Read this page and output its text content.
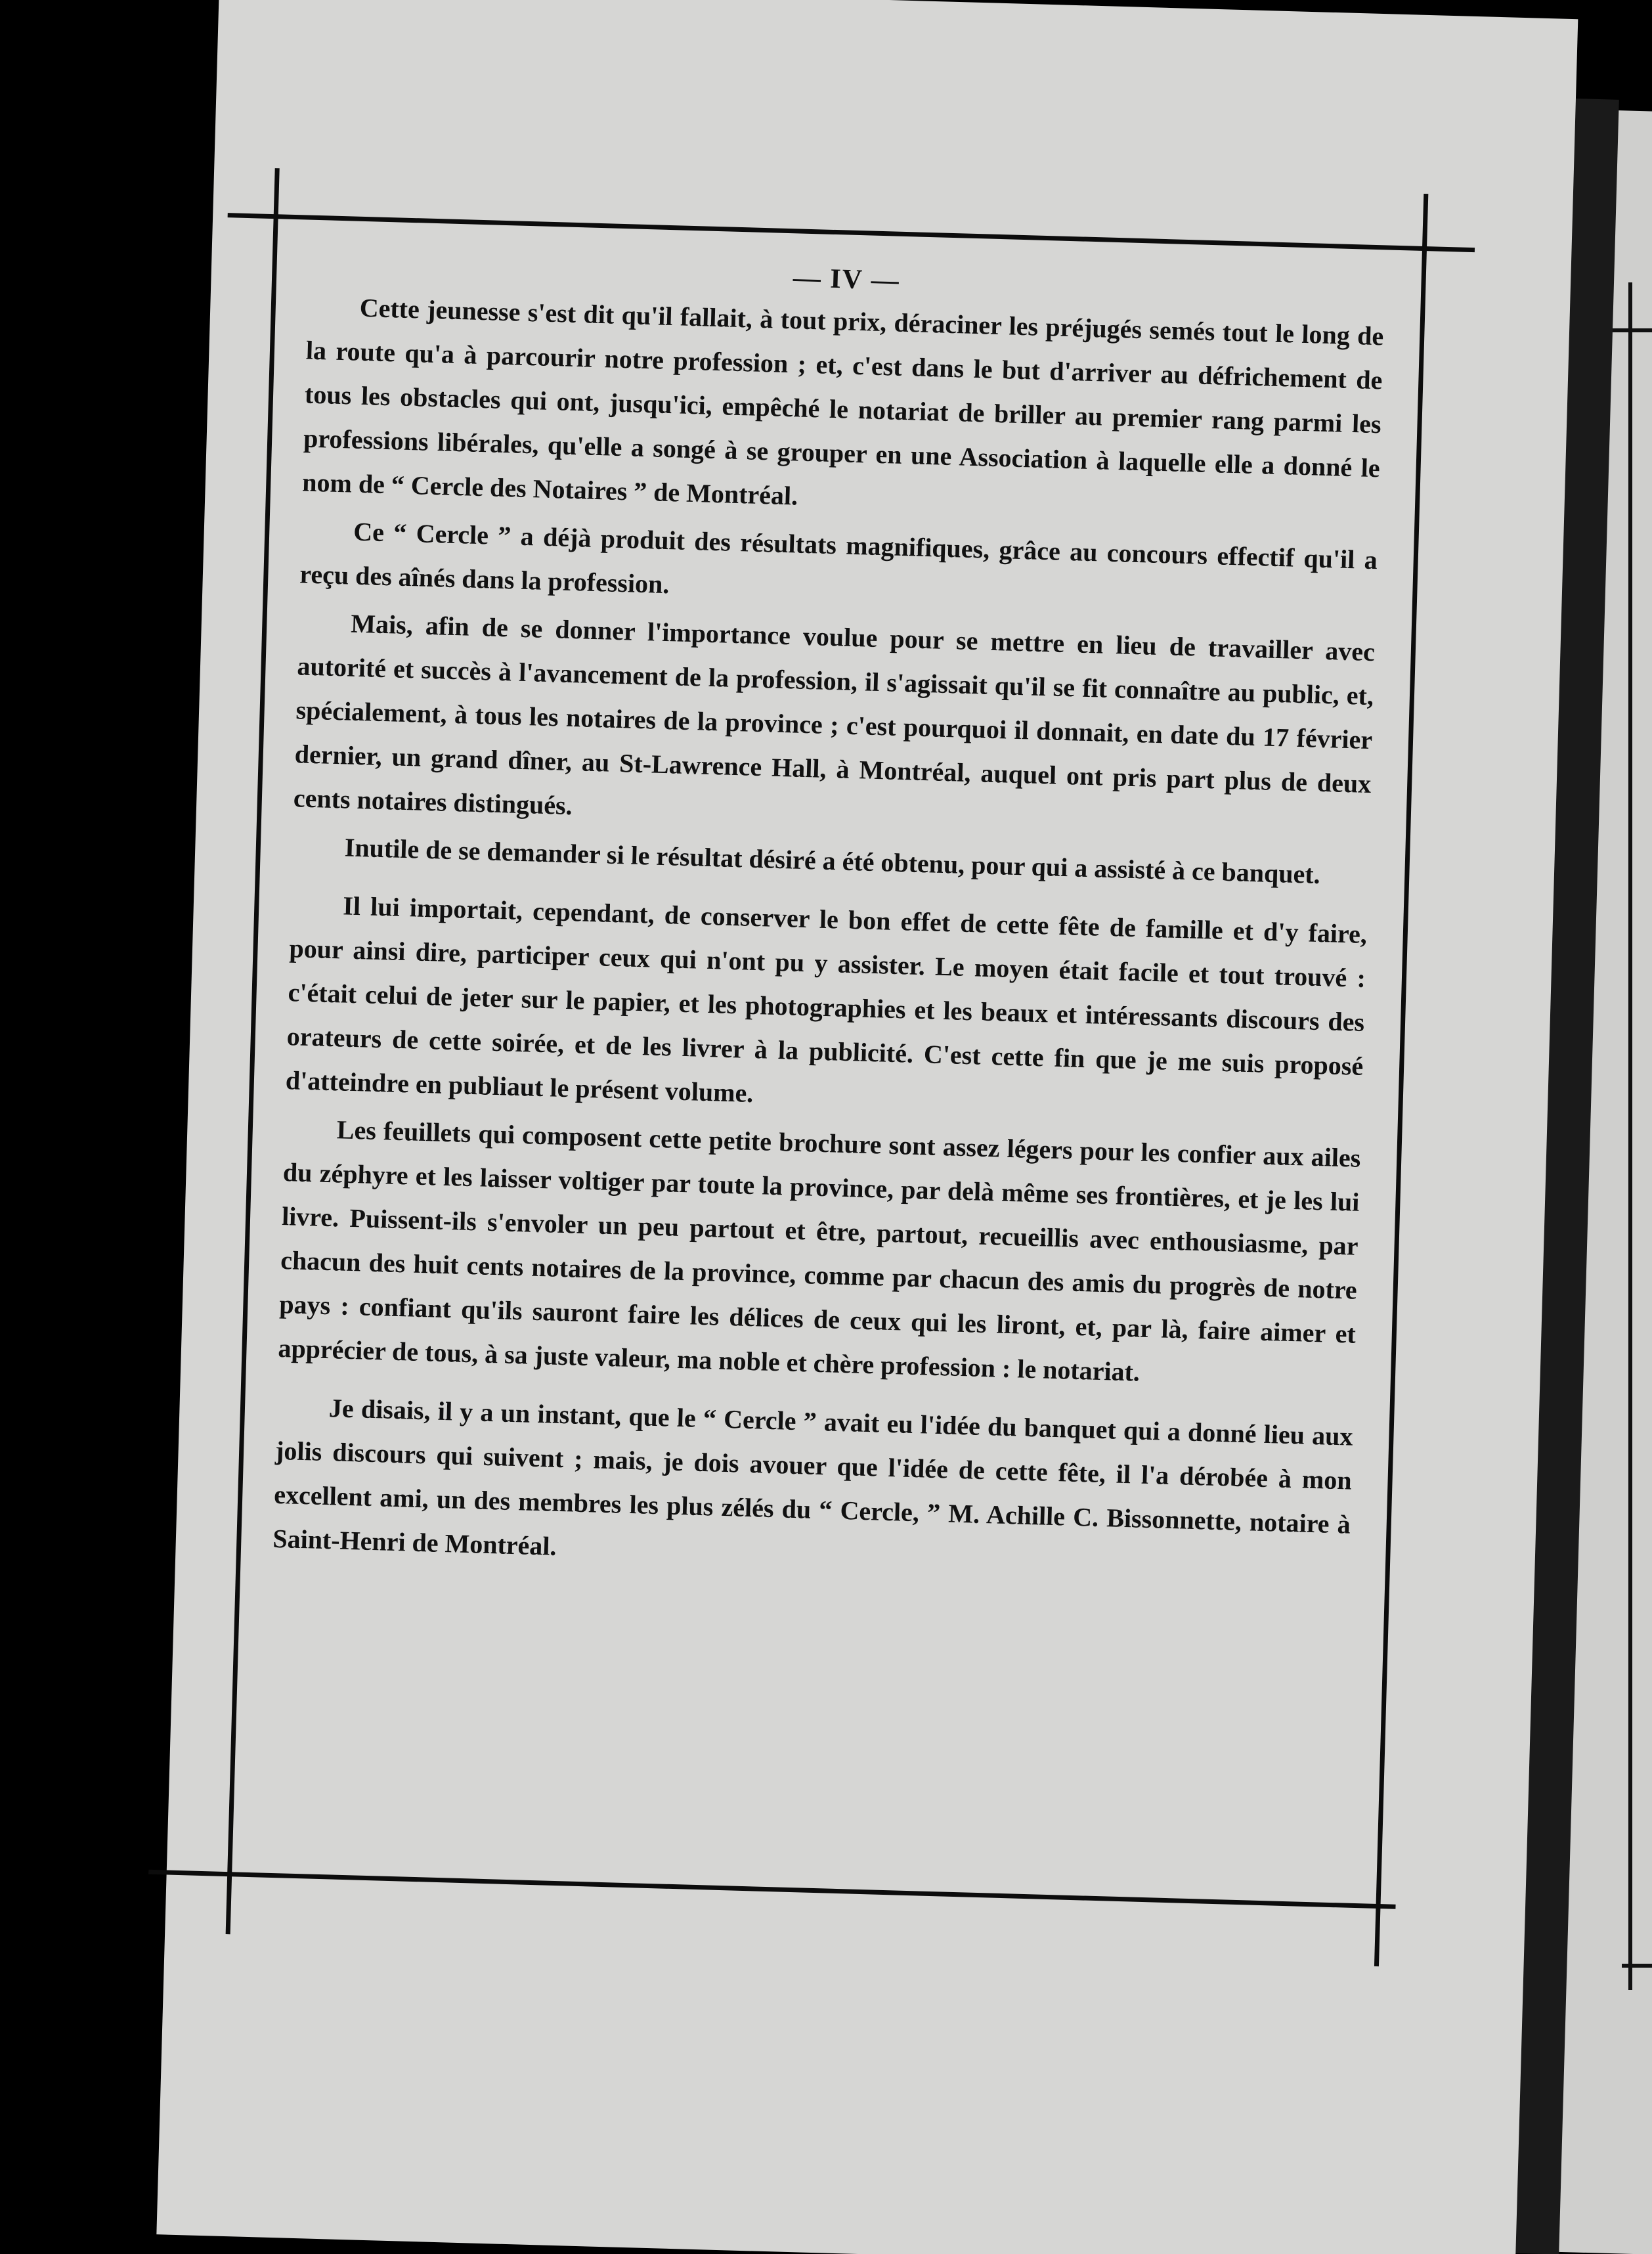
— IV —

Cette jeunesse s'est dit qu'il fallait, à tout prix, déraciner les préjugés semés tout le long de la route qu'a à parcourir notre profession ; et, c'est dans le but d'arriver au défrichement de tous les obstacles qui ont, jusqu'ici, empêché le notariat de briller au premier rang parmi les professions libérales, qu'elle a songé à se grouper en une Association à laquelle elle a donné le nom de “ Cercle des Notaires ” de Montréal.

Ce “ Cercle ” a déjà produit des résultats magnifiques, grâce au concours effectif qu'il a reçu des aînés dans la profession.

Mais, afin de se donner l'importance voulue pour se mettre en lieu de travailler avec autorité et succès à l'avancement de la profession, il s'agissait qu'il se fit connaître au public, et, spécialement, à tous les notaires de la province ; c'est pourquoi il donnait, en date du 17 février dernier, un grand dîner, au St-Lawrence Hall, à Montréal, auquel ont pris part plus de deux cents notaires distingués.

Inutile de se demander si le résultat désiré a été obtenu, pour qui a assisté à ce banquet.

Il lui importait, cependant, de conserver le bon effet de cette fête de famille et d'y faire, pour ainsi dire, participer ceux qui n'ont pu y assister. Le moyen était facile et tout trouvé : c'était celui de jeter sur le papier, et les photographies et les beaux et intéressants discours des orateurs de cette soirée, et de les livrer à la publicité. C'est cette fin que je me suis proposé d'atteindre en publiaut le présent volume.

Les feuillets qui composent cette petite brochure sont assez légers pour les confier aux ailes du zéphyre et les laisser voltiger par toute la province, par delà même ses frontières, et je les lui livre. Puissent-ils s'envoler un peu partout et être, partout, recueillis avec enthousiasme, par chacun des huit cents notaires de la province, comme par chacun des amis du progrès de notre pays : confiant qu'ils sauront faire les délices de ceux qui les liront, et, par là, faire aimer et apprécier de tous, à sa juste valeur, ma noble et chère profession : le notariat.

Je disais, il y a un instant, que le “ Cercle ” avait eu l'idée du banquet qui a donné lieu aux jolis discours qui suivent ; mais, je dois avouer que l'idée de cette fête, il l'a dérobée à mon excellent ami, un des membres les plus zélés du “ Cercle, ” M. Achille C. Bissonnette, notaire à Saint-Henri de Montréal.
